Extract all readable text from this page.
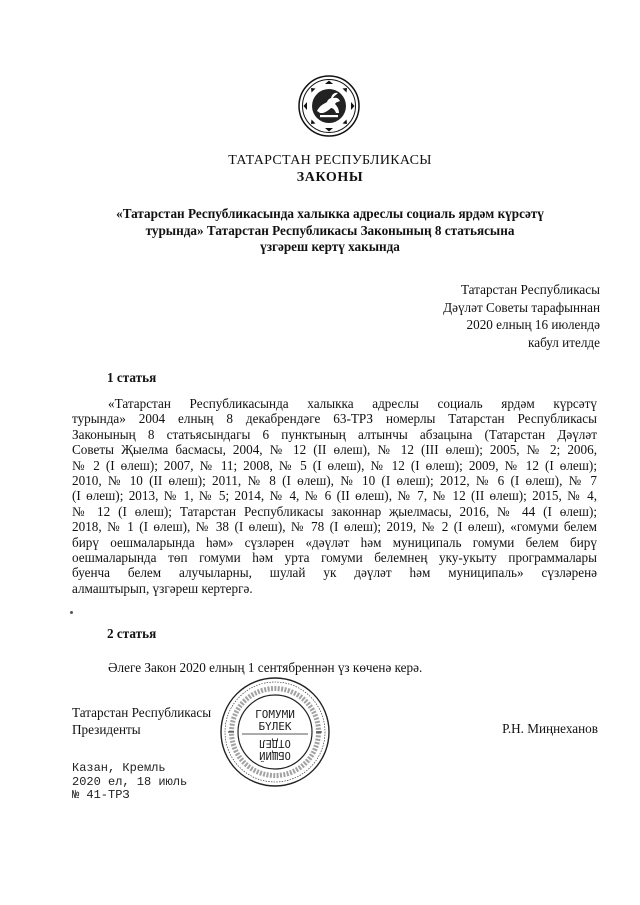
ТАТАРСТАН РЕСПУБЛИКАСЫ
ЗАКОНЫ
«Татарстан Республикасында халыкка адреслы социаль ярдәм күрсәтү
турында» Татарстан Республикасы Законының 8 статьясына
үзгәреш кертү хакында
Татарстан Республикасы
Дәүләт Советы тарафыннан
2020 елның 16 июлендә
кабул ителде
1 статья
«Татарстан Республикасында халыкка адреслы социаль ярдәм күрсәтү
турында» 2004 елның 8 декабрендәге 63-ТРЗ номерлы Татарстан Республикасы
Законының 8 статьясындагы 6 пунктының алтынчы абзацына (Татарстан Дәүләт
Советы Җыелма басмасы, 2004, № 12 (II өлеш), № 12 (III өлеш); 2005, № 2; 2006,
№ 2 (I өлеш); 2007, № 11; 2008, № 5 (I өлеш), № 12 (I өлеш); 2009, № 12 (I өлеш);
2010, № 10 (II өлеш); 2011, № 8 (I өлеш), № 10 (I өлеш); 2012, № 6 (I өлеш), № 7
(I өлеш); 2013, № 1, № 5; 2014, № 4, № 6 (II өлеш), № 7, № 12 (II өлеш); 2015, № 4,
№ 12 (I өлеш); Татарстан Республикасы законнар җыелмасы, 2016, № 44 (I өлеш);
2018, № 1 (I өлеш), № 38 (I өлеш), № 78 (I өлеш); 2019, № 2 (I өлеш), «гомуми белем
бирү оешмаларында һәм» сүзләрен «дәүләт һәм муниципаль гомуми белем бирү
оешмаларында төп гомуми һәм урта гомуми белемнең уку-укыту программалары
буенча белем алучыларны, шулай ук дәүләт һәм муниципаль» сүзләренә
алмаштырып, үзгәреш кертергә.
2 статья
Әлеге Закон 2020 елның 1 сентябреннән үз көченә керә.
Татарстан Республикасы
Президенты
ГОМУМИ
БҮЛЕК
ОТДЕЛ
ОБЩИЙ
Р.Н. Миңнеханов
Казан, Кремль
2020 ел, 18 июль
№ 41-ТРЗ
